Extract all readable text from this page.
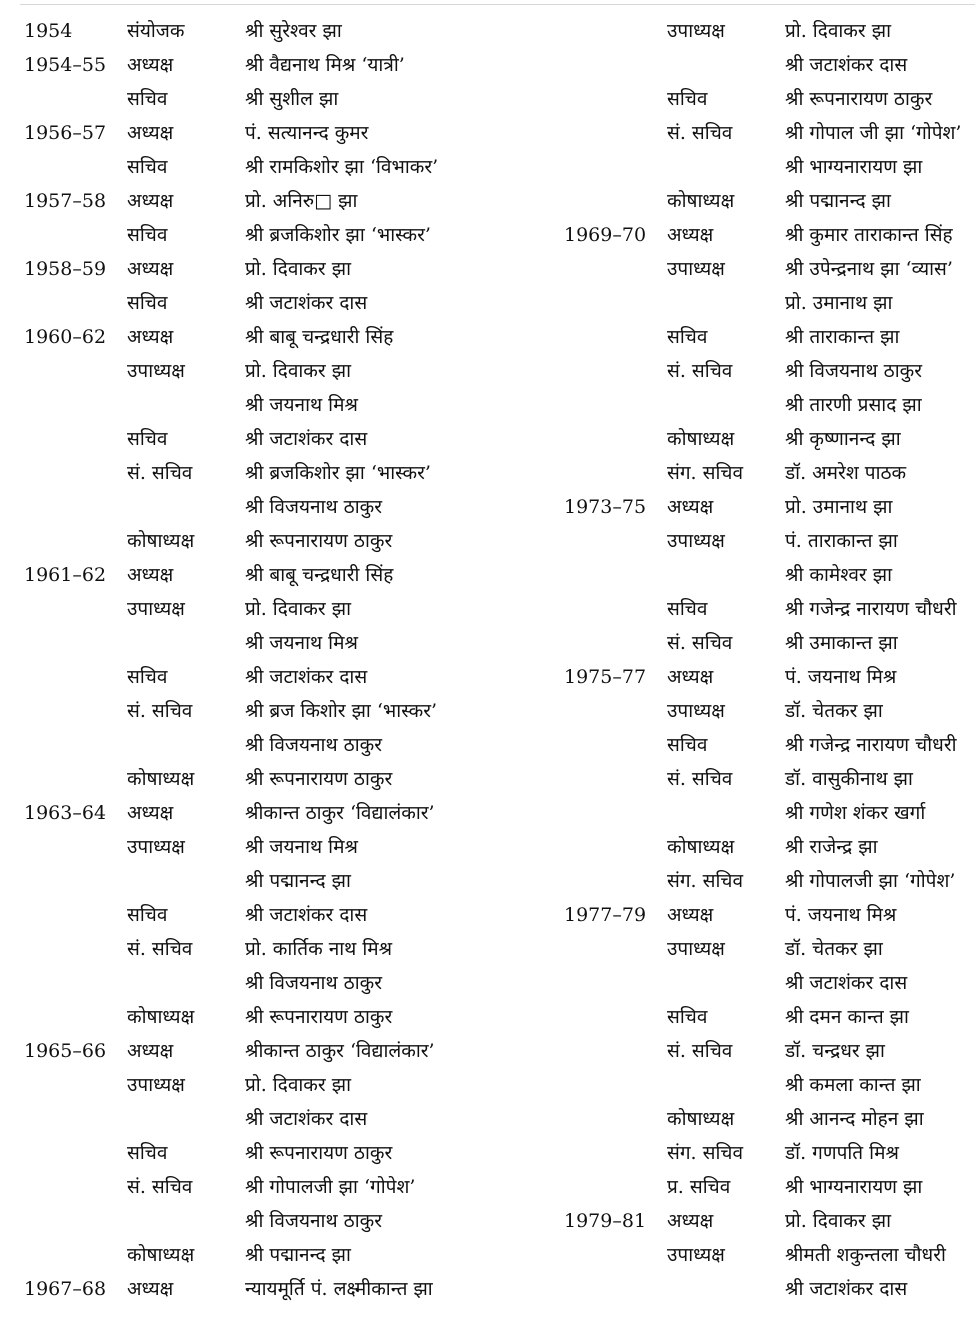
1954	संयोजक	श्री सुरेश्वर झा
1954–55 अध्यक्ष	श्री वैद्यनाथ मिश्र ‘यात्री’
सचिव	श्री सुशील झा
1956–57 अध्यक्ष	पं. सत्यानन्द कुमर
सचिव	श्री रामकिशोर झा ‘विभाकर’
1957–58 अध्यक्ष	प्रो. अनिरु□ झा
सचिव	श्री ब्रजकिशोर झा ‘भास्कर’
1958–59 अध्यक्ष	प्रो. दिवाकर झा
सचिव	श्री जटाशंकर दास
1960–62 अध्यक्ष	श्री बाबू चन्द्रधारी सिंह
उपाध्यक्ष	प्रो. दिवाकर झा
श्री जयनाथ मिश्र
सचिव	श्री जटाशंकर दास
सं. सचिव	श्री ब्रजकिशोर झा ‘भास्कर’
श्री विजयनाथ ठाकुर
कोषाध्यक्ष	श्री रूपनारायण ठाकुर
1961–62 अध्यक्ष	श्री बाबू चन्द्रधारी सिंह
उपाध्यक्ष	प्रो. दिवाकर झा
श्री जयनाथ मिश्र
सचिव	श्री जटाशंकर दास
सं. सचिव	श्री ब्रज किशोर झा ‘भास्कर’
श्री विजयनाथ ठाकुर
कोषाध्यक्ष	श्री रूपनारायण ठाकुर
1963–64 अध्यक्ष	श्रीकान्त ठाकुर ‘विद्यालंकार’
उपाध्यक्ष	श्री जयनाथ मिश्र
श्री पद्मानन्द झा
सचिव	श्री जटाशंकर दास
सं. सचिव	प्रो. कार्तिक नाथ मिश्र
श्री विजयनाथ ठाकुर
कोषाध्यक्ष	श्री रूपनारायण ठाकुर
1965–66 अध्यक्ष	श्रीकान्त ठाकुर ‘विद्यालंकार’
उपाध्यक्ष	प्रो. दिवाकर झा
श्री जटाशंकर दास
सचिव	श्री रूपनारायण ठाकुर
सं. सचिव	श्री गोपालजी झा ‘गोपेश’
श्री विजयनाथ ठाकुर
कोषाध्यक्ष	श्री पद्मानन्द झा
1967–68 अध्यक्ष	न्यायमूर्ति पं. लक्ष्मीकान्त झा
उपाध्यक्ष	प्रो. दिवाकर झा
श्री जटाशंकर दास
सचिव	श्री रूपनारायण ठाकुर
सं. सचिव	श्री गोपाल जी झा ‘गोपेश’
श्री भाग्यनारायण झा
कोषाध्यक्ष	श्री पद्मानन्द झा
1969–70 अध्यक्ष	श्री कुमार ताराकान्त सिंह
उपाध्यक्ष	श्री उपेन्द्रनाथ झा ‘व्यास’
प्रो. उमानाथ झा
सचिव	श्री ताराकान्त झा
सं. सचिव	श्री विजयनाथ ठाकुर
श्री तारणी प्रसाद झा
कोषाध्यक्ष	श्री कृष्णानन्द झा
संग. सचिव डॉ. अमरेश पाठक
1973–75 अध्यक्ष	प्रो. उमानाथ झा
उपाध्यक्ष	पं. ताराकान्त झा
श्री कामेश्वर झा
सचिव	श्री गजेन्द्र नारायण चौधरी
सं. सचिव	श्री उमाकान्त झा
1975–77 अध्यक्ष	पं. जयनाथ मिश्र
उपाध्यक्ष	डॉ. चेतकर झा
सचिव	श्री गजेन्द्र नारायण चौधरी
सं. सचिव	डॉ. वासुकीनाथ झा
श्री गणेश शंकर खर्गा
कोषाध्यक्ष	श्री राजेन्द्र झा
संग. सचिव श्री गोपालजी झा ‘गोपेश’
1977–79 अध्यक्ष	पं. जयनाथ मिश्र
उपाध्यक्ष	डॉ. चेतकर झा
श्री जटाशंकर दास
सचिव	श्री दमन कान्त झा
सं. सचिव	डॉ. चन्द्रधर झा
श्री कमला कान्त झा
कोषाध्यक्ष	श्री आनन्द मोहन झा
संग. सचिव डॉ. गणपति मिश्र
प्र. सचिव	श्री भाग्यनारायण झा
1979–81 अध्यक्ष	प्रो. दिवाकर झा
उपाध्यक्ष	श्रीमती शकुन्तला चौधरी
श्री जटाशंकर दास
